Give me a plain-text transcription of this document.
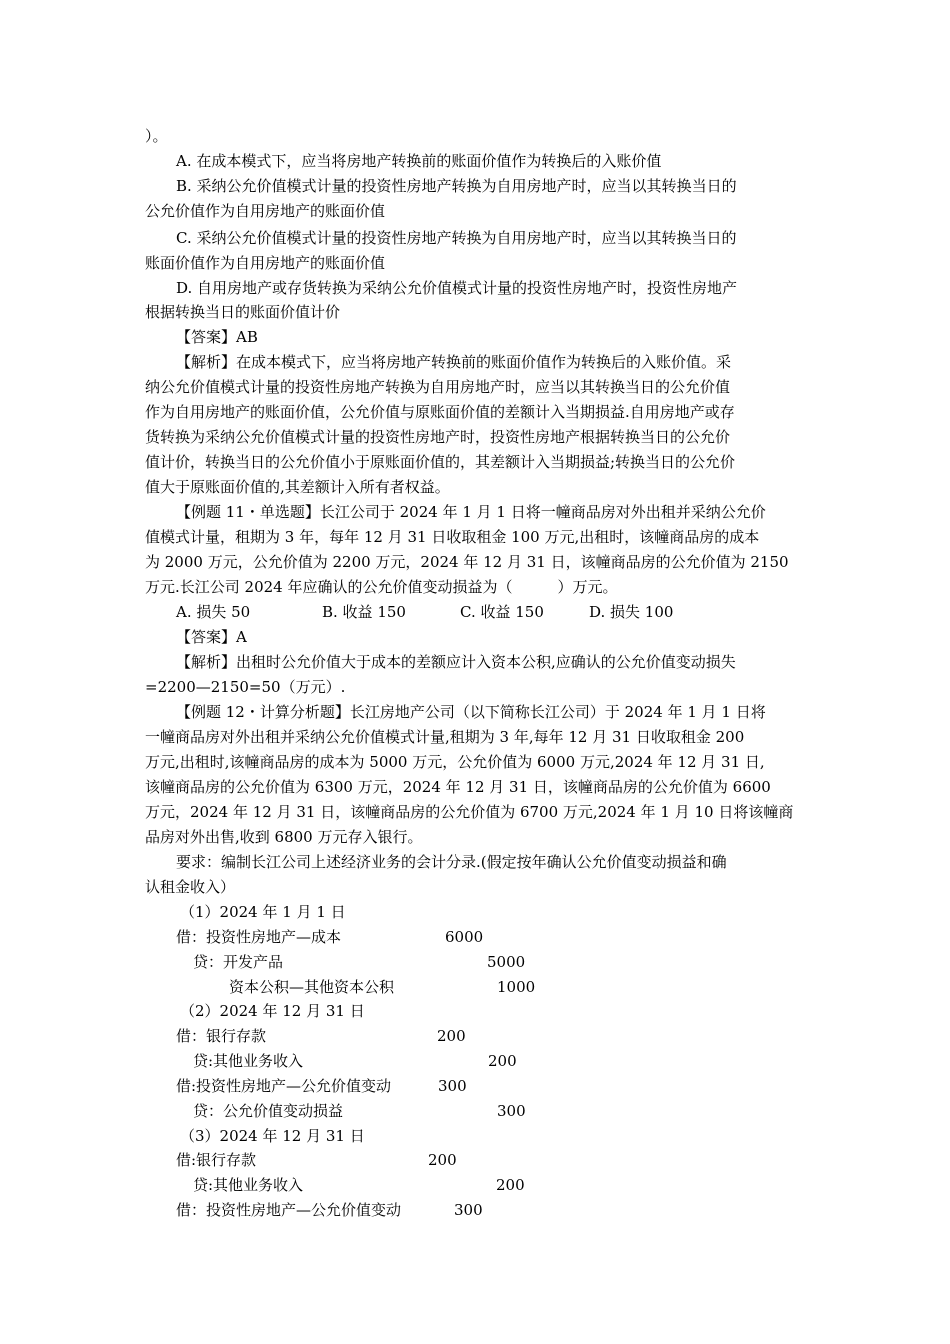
）。
A. 在成本模式下，应当将房地产转换前的账面价值作为转换后的入账价值
B. 采纳公允价值模式计量的投资性房地产转换为自用房地产时，应当以其转换当日的
公允价值作为自用房地产的账面价值
C. 采纳公允价值模式计量的投资性房地产转换为自用房地产时，应当以其转换当日的
账面价值作为自用房地产的账面价值
D. 自用房地产或存货转换为采纳公允价值模式计量的投资性房地产时，投资性房地产
根据转换当日的账面价值计价
【答案】AB
【解析】在成本模式下，应当将房地产转换前的账面价值作为转换后的入账价值。采
纳公允价值模式计量的投资性房地产转换为自用房地产时，应当以其转换当日的公允价值
作为自用房地产的账面价值，公允价值与原账面价值的差额计入当期损益.自用房地产或存
货转换为采纳公允价值模式计量的投资性房地产时，投资性房地产根据转换当日的公允价
值计价，转换当日的公允价值小于原账面价值的，其差额计入当期损益;转换当日的公允价
值大于原账面价值的,其差额计入所有者权益。
【例题 11・单选题】长江公司于 2024 年 1 月 1 日将一幢商品房对外出租并采纳公允价
值模式计量，租期为 3 年，每年 12 月 31 日收取租金 100 万元,出租时，该幢商品房的成本
为 2000 万元，公允价值为 2200 万元，2024 年 12 月 31 日，该幢商品房的公允价值为 2150
万元.长江公司 2024 年应确认的公允价值变动损益为（　　　）万元。
A. 损失 50	B. 收益 150	C. 收益 150	D. 损失 100
【答案】A
【解析】出租时公允价值大于成本的差额应计入资本公积,应确认的公允价值变动损失
=2200—2150=50（万元）.
【例题 12・计算分析题】长江房地产公司（以下简称长江公司）于 2024 年 1 月 1 日将
一幢商品房对外出租并采纳公允价值模式计量,租期为 3 年,每年 12 月 31 日收取租金 200
万元,出租时,该幢商品房的成本为 5000 万元，公允价值为 6000 万元,2024 年 12 月 31 日,
该幢商品房的公允价值为 6300 万元，2024 年 12 月 31 日，该幢商品房的公允价值为 6600
万元，2024 年 12 月 31 日，该幢商品房的公允价值为 6700 万元,2024 年 1 月 10 日将该幢商
品房对外出售,收到 6800 万元存入银行。
要求：编制长江公司上述经济业务的会计分录.(假定按年确认公允价值变动损益和确
认租金收入）
（1）2024 年 1 月 1 日
借：投资性房地产—成本	6000
贷：开发产品	5000
资本公积—其他资本公积	1000
（2）2024 年 12 月 31 日
借：银行存款	200
贷:其他业务收入	200
借:投资性房地产—公允价值变动	300
贷：公允价值变动损益	300
（3）2024 年 12 月 31 日
借:银行存款	200
贷:其他业务收入	200
借：投资性房地产—公允价值变动	300
